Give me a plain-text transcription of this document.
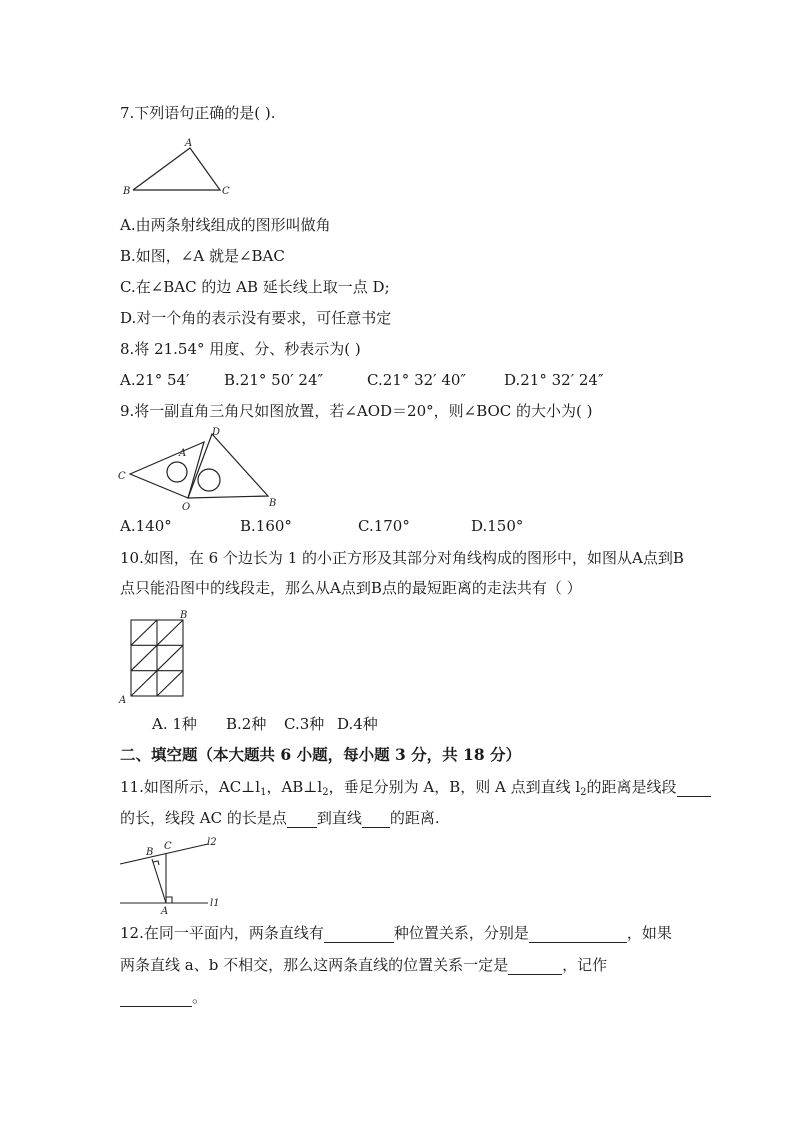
7.下列语句正确的是( ).
A
B	C
A.由两条射线组成的图形叫做角
B.如图，∠A 就是∠BAC
C.在∠BAC 的边 AB 延长线上取一点 D;
D.对一个角的表示没有要求，可任意书定
8.将 21.54° 用度、分、秒表示为( )
A.21° 54′ B.21° 50′ 24″	C.21° 32′ 40″	D.21° 32′ 24″
9.将一副直角三角尺如图放置，若∠AOD＝20°，则∠BOC 的大小为( )
C
A
D
O	B
A.140°	B.160°	C.170°	D.150°
10.如图，在 6 个边长为 1 的小正方形及其部分对角线构成的图形中，如图从A点到B
点只能沿图中的线段走，那么从A点到B点的最短距离的走法共有（ ）
B
A
A. 1种 B.2种 C.3种 D.4种
二、填空题（本大题共 6 小题，每小题 3 分，共 18 分）
11.如图所示，$AC\perp l_1$，$AB\perp l_2$，垂足分别为 A，B，则 A 点到直线 $l_2$的距离是线段
的长，线段 AC 的长是点 到直线 的距离.
B
C	l2
A
l1
12.在同一平面内，两条直线有	种位置关系，分别是	，如果
两条直线 a、b 不相交，那么这两条直线的位置关系一定是	，记作
。
